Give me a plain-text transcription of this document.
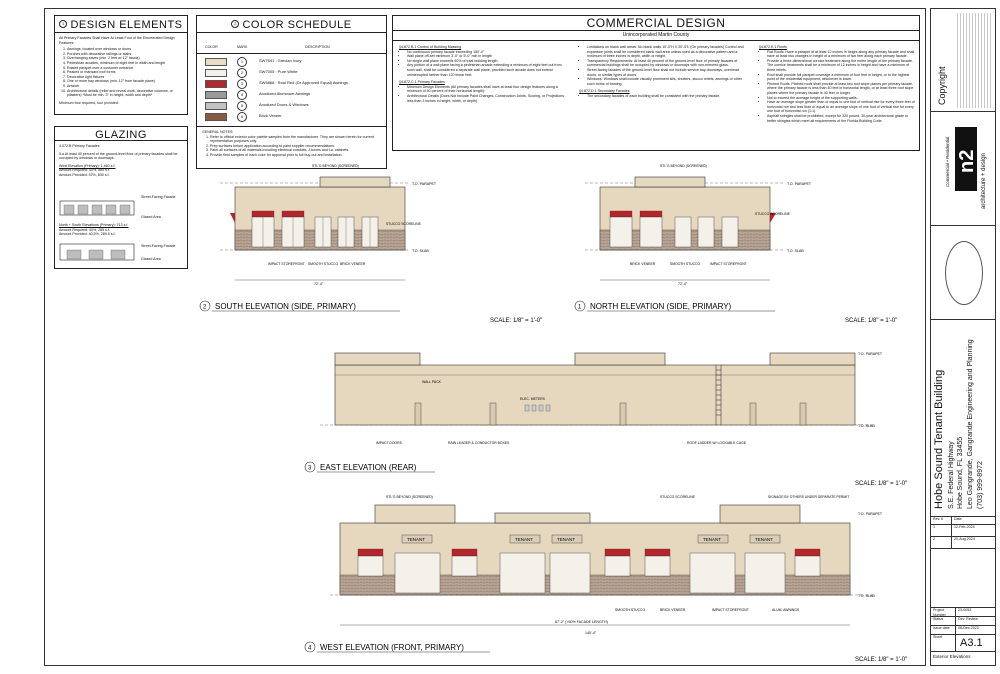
1 DESIGN ELEMENTS
All Primary Facades Shall Have At Least Four of the Enumerated Design Features:
1. Awnings, located over windows or doors
2. Porches with decorative railings or stairs
3. Overhanging eaves (min. 2 feet w/ 12" fascia)
4. Pedestrian arcades, minimum of eight feet in width and length
5. Raised parapet over a customer entrance
6. Peaked or mansard roof forms
7. Decorative light fixtures
8. One or more bay windows (min. 12" from facade plane)
9. Artwork
10. Architectural details (relief and reveal work, decorative columns, or pilasters) *Must be min. 3" in height, width and depth*
Minimum four required, four provided:
GLAZING
4.072.B Primary Facades
5.a At least 40 percent of the ground-level floor of primary facades shall be occupied by windows or doorways.
West Elevation (Primary): 1,460 s.f.
Amount Required: 40%, 580 s.f.
Amount Provided: 57%, 830 s.f.
Street-Facing Facade
Glazed Area
North + South Elevations (Primary): 713 s.f.
Amount Required: 40%, 285 s.f.
Amount Provided: 40.5%, 289.5 s.f.
Street-Facing Facade
Glazed Area
2 COLOR SCHEDULE
COLOR	MARK	DESCRIPTION
1	SW7541 : Grecian Ivory
2	SW7005 : Pure White
3	SW6868 : Real Red (Or Approved Equal) Awnings
4	Anodized Aluminum Awnings
5	Anodized Doors & Windows
6	Brick Veneer
GENERAL NOTES:
1. Refer to official exterior color palette samples from the manufacturer. They are shown herein for current representation purposes only.
2. Prep surfaces before application according to paint supplier recommendations.
3. Paint all surfaces of all materials including electrical conduits, J-boxes and t.a. cabinets.
4. Provide field samples of each color for approval prior to full buy-out and installation.
COMMERCIAL DESIGN
Unincorporated Martin County
§4.872.B.1 Control of Building Massing
• No continuous primary facade exceeding 150'-0"
• Wall plane off-set minimum 3'-0" or 5'-0" min in length
• No single wall plane exceeds 60% of total building length
• Any portion of a wall plane facing a pedestrian arcade extending a minimum of eight feet out from such wall, shall be considered a separate wall plane, provided such arcade does not extend uninterrupted farther than 120 linear feet.
§4.872.C.1 Primary Facades
• Minimum Design Elements (All primary facades shall have at least four design features along a minimum of 50 percent of their horizontal length):
• Architectural Details (Does Not Include Paint Changes, Construction Joints, Scoring, or Projections less than 3 inches in height, width, or depth)
• Limitations on blank wall areas: No blank walls 10'-0"H X 20'-0"L (On primary facades) Control and expansion joints shall be considered blank wall area unless used as a decorative pattern and a minimum of three inches in depth, width or height.
• Transparency Requirements: At least 40 percent of the ground-level floor of primary facades of commercial buildings shall be occupied by windows or doorways with non-mirrored glass.
• Street-facing facades of the ground-level floor shall not include service bay doorways, overhead doors, or similar types of doors.
• Windows: Windows shall include visually prominent sills, shutters, stucco reliefs, awnings or other such forms of framing.
§4.872.D.1 Secondary Facades
• The secondary facades of each building shall be consistent with the primary facade.
§4.872.E.1 Roofs
• Flat Roofs: Have a parapet of at least 12 inches in height along any primary facade and shall have at least two changes in height of a minimum of two feet along each primary facade.
• Provide a three-dimensional cornice treatment along the entire length of the primary facade. The cornice treatments shall be a minimum of 12 inches in height and have a minimum of three reliefs.
• Roof shall provide full parapet coverage a minimum of four feet in height, or to the highest point of the residential equipment, whichever is lower.
• Pitched Roofs: Pitched roofs shall provide at least two roof slope planes per primary facade, where the primary facade is less than 40 feet in horizontal length, or at least three roof slope planes where the primary facade is 40 feet or longer.
• Not to exceed the average height of the supporting walls.
• Have an average slope greater than or equal to one foot of vertical rise for every three feet of horizontal run and less than or equal to an average slope of one foot of vertical rise for every one foot of horizontal run (1:1).
• Asphalt shingles shall be prohibited, except for 320 pound, 30-year architectural grade or better shingles which meet all requirements of the Florida Building Code.
T.O. PARAPET
T.O. SLAB
STL'G BEYOND (SCREENED)
STUCCO SCORELINE
IMPACT STOREFRONT SMOOTH STUCCO BRICK VENEER
72'-4"
2 SOUTH ELEVATION (SIDE, PRIMARY)
SCALE: 1/8" = 1'-0"
T.O. PARAPET
T.O. SLAB
STL'G BEYOND (SCREENED)
STUCCO SCORELINE
BRICK VENEER	SMOOTH STUCCO	IMPACT STOREFRONT
72'-4"
1 NORTH ELEVATION (SIDE, PRIMARY)
SCALE: 1/8" = 1'-0"
T.O. PARAPET
T.O. SLAB
WALL PACK
ELEC. METERS
IMPACT DOORS	RAIN LEADER & CONDUCTOR BOXES	ROOF LADDER W/ LOCKABLE CAGE
3 EAST ELEVATION (REAR)
SCALE: 1/8" = 1'-0"
TENANT	TENANT	TENANT	TENANT	TENANT
T.O. PARAPET
T.O. SLAB
STL'G BEYOND (SCREENED)	STUCCO SCORELINE	SIGNAGE BY OTHERS UNDER SEPARATE PERMIT
SMOOTH STUCCO	BRICK VENEER	IMPACT STOREFRONT	ALUM. AWNINGS
67'-2" (>50% FACADE LENGTH)
140'-4"
4 WEST ELEVATION (FRONT, PRIMARY)
SCALE: 1/8" = 1'-0"
Copyright
Commercial • Residential	architecture + design
n2
Hobe Sound Tenant Building S.E. Federal Highway Hobe Sound, FL 33455 Leo Gangrande, Gangrande Engineering and Planning (703) 999-8972
Rev. #	Date
1	12-Feb-2024
2	20-Aug-2024
Project Number
23-0053
Status	Dev. Review
Issue date	08-Dec-2023
Sheet	A3.1
Exterior Elevations
